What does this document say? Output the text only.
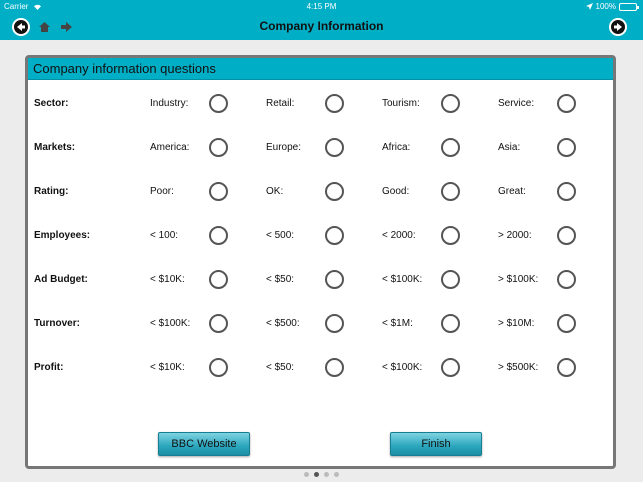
Carrier	4:15 PM	100%
Company Information
Company information questions
Sector:	Industry:	Retail:	Tourism:	Service:
Markets:	America:	Europe:	Africa:	Asia:
Rating:	Poor:	OK:	Good:	Great:
Employees:	< 100:	< 500:	< 2000:	> 2000:
Ad Budget:	< $10K:	< $50:	< $100K:	> $100K:
Turnover:	< $100K:	< $500:	< $1M:	> $10M:
Profit:	< $10K:	< $50:	< $100K:	> $500K:
BBC Website	Finish
